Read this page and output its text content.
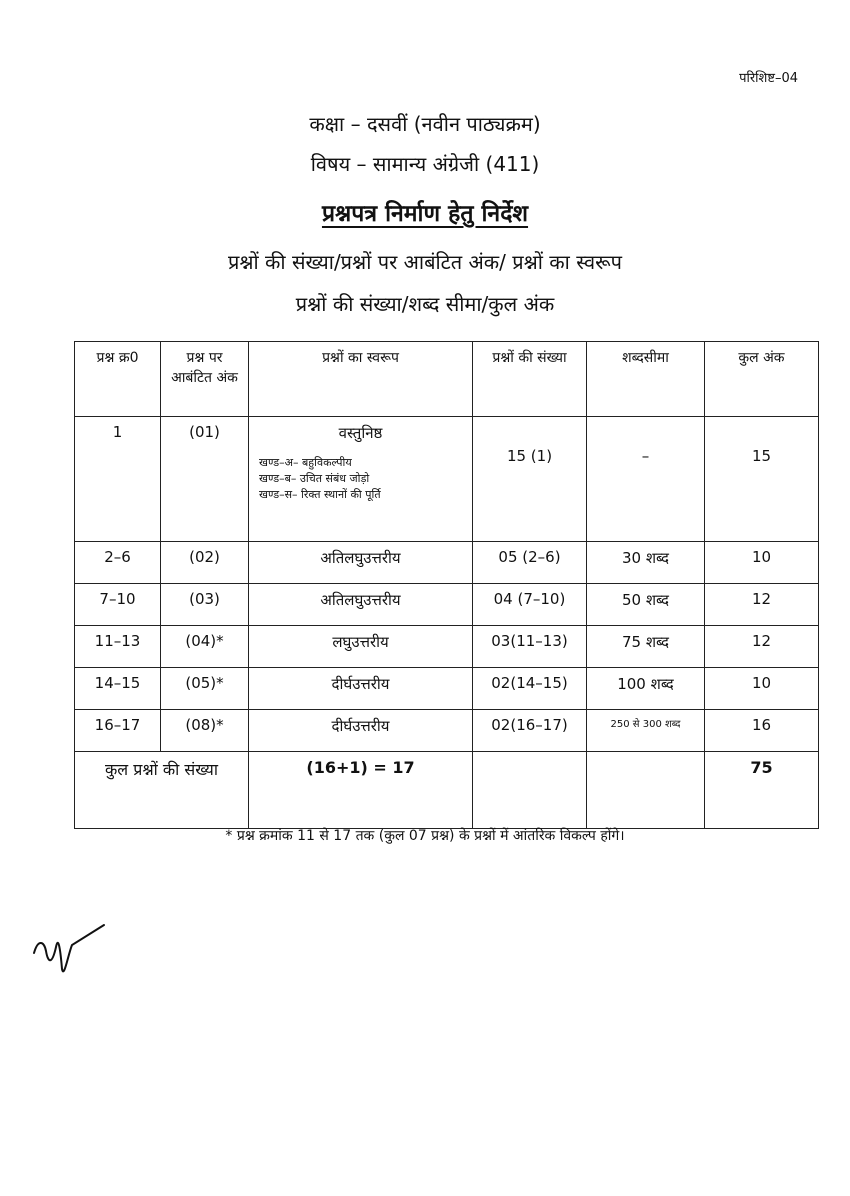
परिशिष्ट–04
कक्षा – दसवीं (नवीन पाठ्यक्रम)
विषय – सामान्य अंग्रेजी (411)
प्रश्नपत्र निर्माण हेतु निर्देश
प्रश्नों की संख्या/प्रश्नों पर आबंटित अंक/ प्रश्नों का स्वरूप
प्रश्नों की संख्या/शब्द सीमा/कुल अंक
प्रश्न क्र0	प्रश्न पर आबंटित अंक	प्रश्नों का स्वरूप	प्रश्नों की संख्या	शब्दसीमा	कुल अंक
1	(01)	वस्तुनिष्ठ
खण्ड–अ– बहुविकल्पीय
खण्ड–ब– उचित संबंध जोड़ो
खण्ड–स– रिक्त स्थानों की पूर्ति	15 (1)	–	15
2–6	(02)	अतिलघुउत्तरीय	05 (2–6)	30 शब्द	10
7–10	(03)	अतिलघुउत्तरीय	04 (7–10)	50 शब्द	12
11–13	(04)*	लघुउत्तरीय	03(11–13)	75 शब्द	12
14–15	(05)*	दीर्घउत्तरीय	02(14–15)	100 शब्द	10
16–17	(08)*	दीर्घउत्तरीय	02(16–17)	250 से 300 शब्द	16
कुल प्रश्नों की संख्या		(16+1) = 17			75
* प्रश्न क्रमांक 11 से 17 तक (कुल 07 प्रश्न) के प्रश्नों में आंतरिक विकल्प होंगे।
